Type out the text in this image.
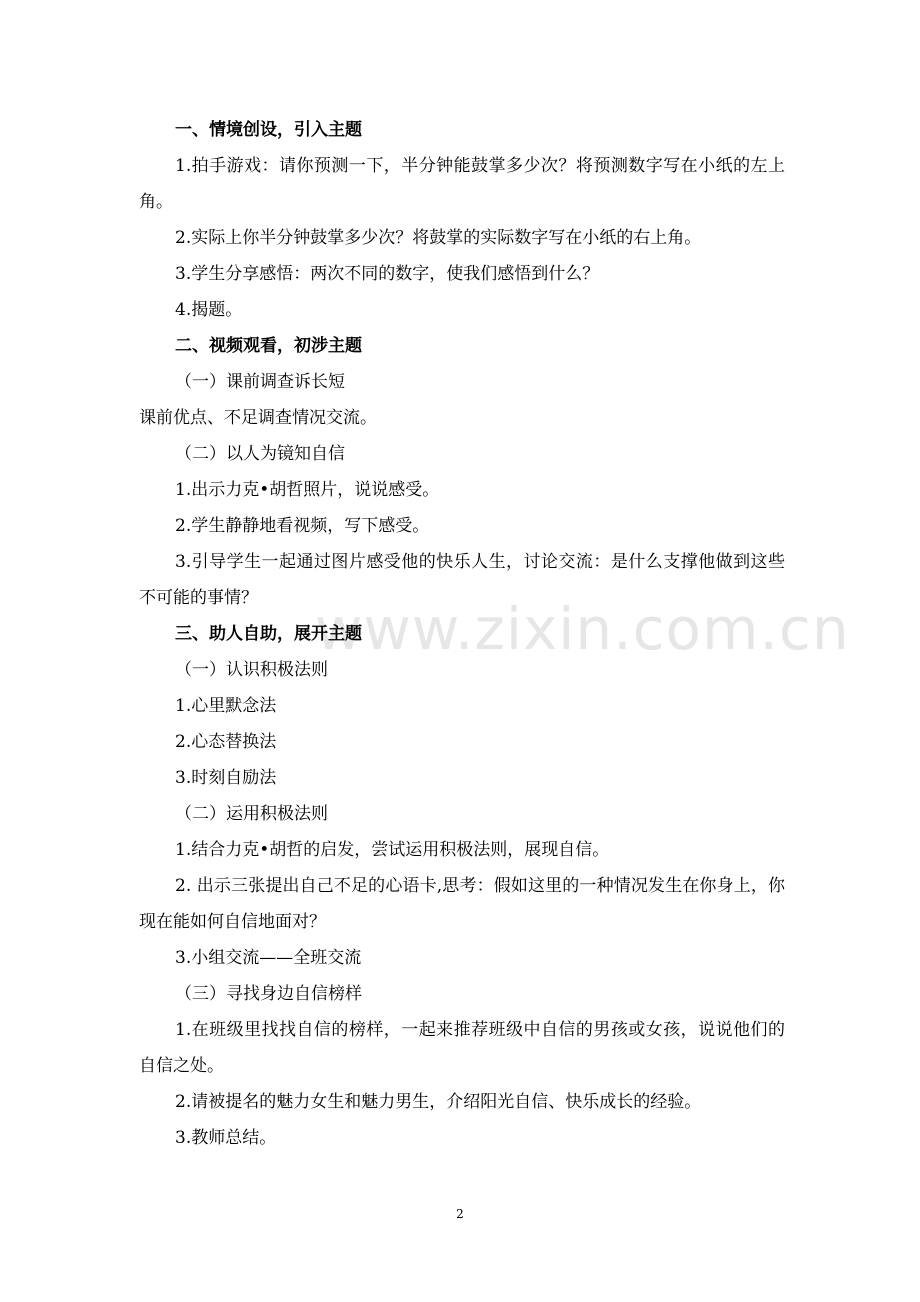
www.zixin.com.cn

一、情境创设，引入主题

1.拍手游戏：请你预测一下，半分钟能鼓掌多少次？将预测数字写在小纸的左上角。

2.实际上你半分钟鼓掌多少次？将鼓掌的实际数字写在小纸的右上角。

3.学生分享感悟：两次不同的数字，使我们感悟到什么？

4.揭题。

二、视频观看，初涉主题

（一）课前调查诉长短

课前优点、不足调查情况交流。

（二）以人为镜知自信

1.出示力克•胡哲照片，说说感受。

2.学生静静地看视频，写下感受。

3.引导学生一起通过图片感受他的快乐人生，讨论交流：是什么支撑他做到这些不可能的事情？

三、助人自助，展开主题

（一）认识积极法则

1.心里默念法

2.心态替换法

3.时刻自励法

（二）运用积极法则

1.结合力克•胡哲的启发，尝试运用积极法则，展现自信。

2. 出示三张提出自己不足的心语卡,思考：假如这里的一种情况发生在你身上，你现在能如何自信地面对？

3.小组交流——全班交流

（三）寻找身边自信榜样

1.在班级里找找自信的榜样，一起来推荐班级中自信的男孩或女孩，说说他们的自信之处。

2.请被提名的魅力女生和魅力男生，介绍阳光自信、快乐成长的经验。

3.教师总结。

2
